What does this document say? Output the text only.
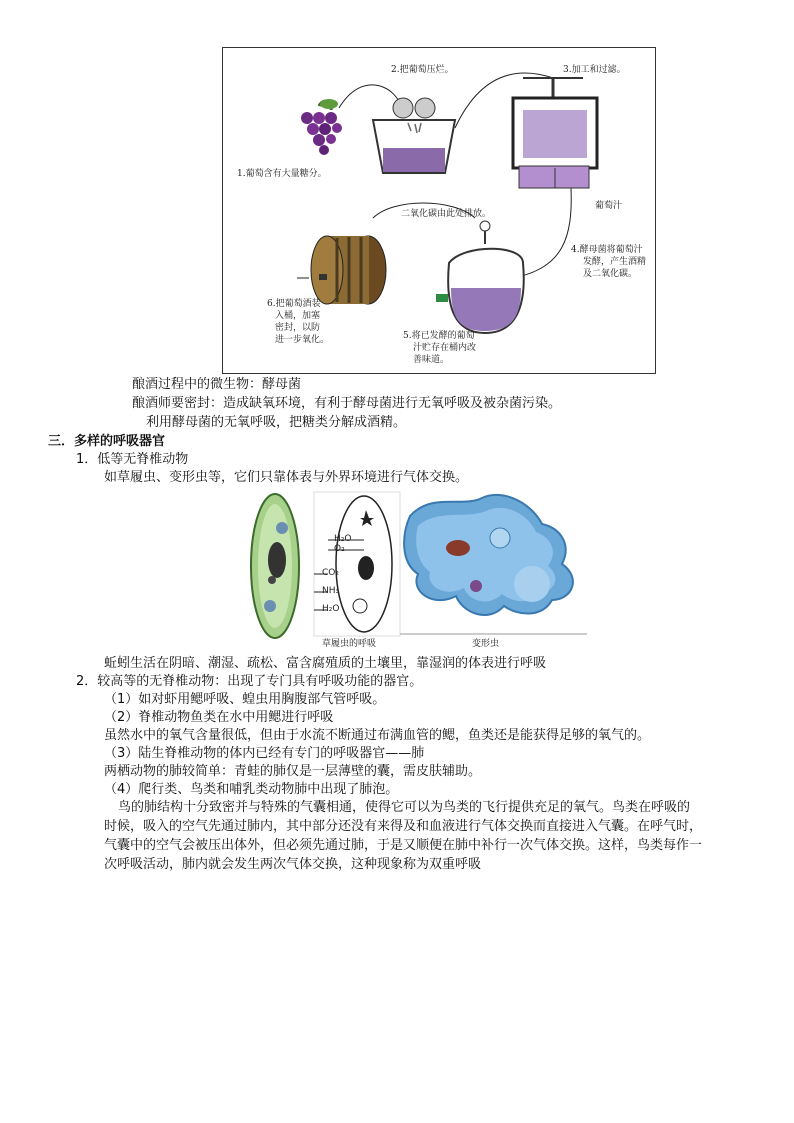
1.葡萄含有大量糖分。
2.把葡萄压烂。	3.加工和过滤。
葡萄汁
二氧化碳由此处排放。
4.酵母菌将葡萄汁
发酵，产生酒精
及二氧化碳。
5.将已发酵的葡萄
汁贮存在桶内改
善味道。
6.把葡萄酒装
入桶，加塞
密封，以防
进一步氧化。
酿酒过程中的微生物：酵母菌
酿酒师要密封：造成缺氧环境，有利于酵母菌进行无氧呼吸及被杂菌污染。
利用酵母菌的无氧呼吸，把糖类分解成酒精。
三．多样的呼吸器官
1．低等无脊椎动物
如草履虫、变形虫等，它们只靠体表与外界环境进行气体交换。
H₂O
O₂
CO₂
NH₃
H₂O
草履虫的呼吸	变形虫
蚯蚓生活在阴暗、潮湿、疏松、富含腐殖质的土壤里，靠湿润的体表进行呼吸
2．较高等的无脊椎动物：出现了专门具有呼吸功能的器官。
（1）如对虾用鳃呼吸、蝗虫用胸腹部气管呼吸。
（2）脊椎动物鱼类在水中用鳃进行呼吸
虽然水中的氧气含量很低，但由于水流不断通过布满血管的鳃，鱼类还是能获得足够的氧气的。
（3）陆生脊椎动物的体内已经有专门的呼吸器官——肺
两栖动物的肺较简单：青蛙的肺仅是一层薄壁的囊，需皮肤辅助。
（4）爬行类、鸟类和哺乳类动物肺中出现了肺泡。
鸟的肺结构十分致密并与特殊的气囊相通，使得它可以为鸟类的飞行提供充足的氧气。鸟类在呼吸的
时候，吸入的空气先通过肺内，其中部分还没有来得及和血液进行气体交换而直接进入气囊。在呼气时，
气囊中的空气会被压出体外，但必须先通过肺，于是又顺便在肺中补行一次气体交换。这样，鸟类每作一
次呼吸活动，肺内就会发生两次气体交换，这种现象称为双重呼吸
